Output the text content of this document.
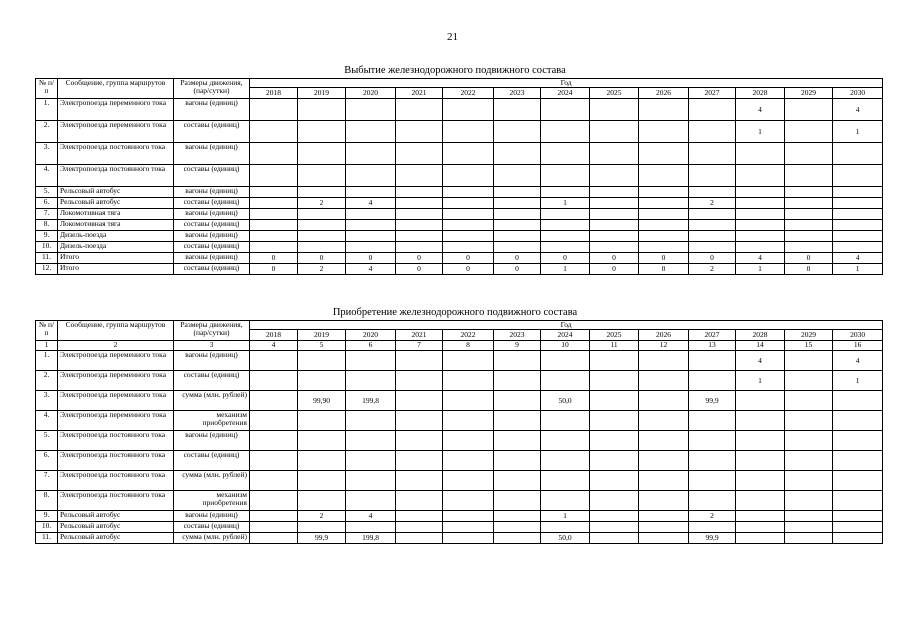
21
Выбытие железнодорожного подвижного состава
№ п/п	Сообщение, группа маршрутов	Размеры движения, (пар/сутки)	Год												
			2018	2019	2020	2021	2022	2023	2024	2025	2026	2027	2028	2029	2030
1.	Электропоезда переменного тока	вагоны (единиц)											4		4
2.	Электропоезда переменного тока	составы (единиц)											1		1
3.	Электропоезда постоянного тока	вагоны (единиц)													
4.	Электропоезда постоянного тока	составы (единиц)													
5.	Рельсовый автобус	вагоны (единиц)													
6.	Рельсовый автобус	составы (единиц)		2	4				1			2			
7.	Локомотивная тяга	вагоны (единиц)													
8.	Локомотивная тяга	составы (единиц)													
9.	Дизель-поезда	вагоны (единиц)													
10.	Дизель-поезда	составы (единиц)													
11.	Итого	вагоны (единиц)	0	0	0	0	0	0	0	0	0	0	4	0	4
12.	Итого	составы (единиц)	0	2	4	0	0	0	1	0	0	2	1	0	1
Приобретение железнодорожного подвижного состава
№ п/п	Сообщение, группа маршрутов	Размеры движения, (пар/сутки)	Год												
			2018	2019	2020	2021	2022	2023	2024	2025	2026	2027	2028	2029	2030
1	2	3	4	5	6	7	8	9	10	11	12	13	14	15	16
1.	Электропоезда переменного тока	вагоны (единиц)											4		4
2.	Электропоезда переменного тока	составы (единиц)											1		1
3.	Электропоезда переменного тока	сумма (млн. рублей)		99,90	199,8				50,0			99,9			
4.	Электропоезда переменного тока	механизм приобретения													
5.	Электропоезда постоянного тока	вагоны (единиц)													
6.	Электропоезда постоянного тока	составы (единиц)													
7.	Электропоезда постоянного тока	сумма (млн. рублей)													
8.	Электропоезда постоянного тока	механизм приобретения													
9.	Рельсовый автобус	вагоны (единиц)		2	4				1			2			
10.	Рельсовый автобус	составы (единиц)													
11.	Рельсовый автобус	сумма (млн. рублей)		99,9	199,8				50,0			99,9			
